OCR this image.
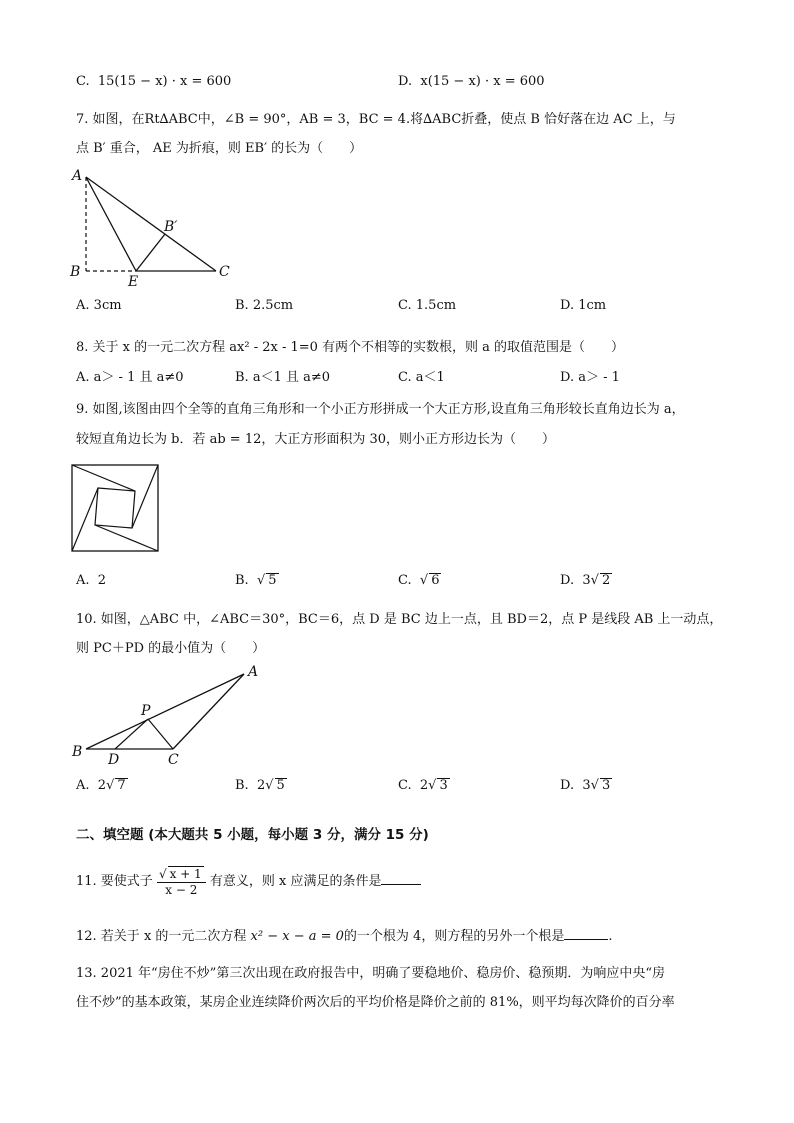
C. 15(15 − x) · x = 600	D. x(15 − x) · x = 600
7. 如图，在Rt∆ABC中，∠B = 90°，AB = 3，BC = 4.将∆ABC折叠，使点 B 恰好落在边 AC 上，与
点 B′ 重合， AE 为折痕，则 EB′ 的长为（　　）
A
B
E
C
B′
A. 3cm	B. 2.5cm	C. 1.5cm	D. 1cm
8. 关于 x 的一元二次方程 ax² - 2x - 1=0 有两个不相等的实数根，则 a 的取值范围是（　　）
A. a＞ - 1 且 a≠0	B. a＜1 且 a≠0	C. a＜1	D. a＞ - 1
9. 如图,该图由四个全等的直角三角形和一个小正方形拼成一个大正方形,设直角三角形较长直角边长为 a，
较短直角边长为 b．若 ab = 12，大正方形面积为 30，则小正方形边长为（　　）
A. 2	B. √ 5	C. √ 6	D. 3√ 2
10. 如图，△ABC 中，∠ABC＝30°，BC＝6，点 D 是 BC 边上一点，且 BD＝2，点 P 是线段 AB 上一动点，
则 PC＋PD 的最小值为（　　）
A
B D	C
P
A. 2√ 7	B. 2√ 5	C. 2√ 3	D. 3√ 3
二、填空题 (本大题共 5 小题，每小题 3 分，满分 15 分)
11. 要使式子 $\frac{√ x + 1}{x - 2}$ 有意义，则 x 应满足的条件是
12. 若关于 x 的一元二次方程 x² − x − a = 0的一个根为 4，则方程的另外一个根是	.
13. 2021 年“房住不炒”第三次出现在政府报告中，明确了要稳地价、稳房价、稳预期．为响应中央“房
住不炒”的基本政策，某房企业连续降价两次后的平均价格是降价之前的 81%，则平均每次降价的百分率
